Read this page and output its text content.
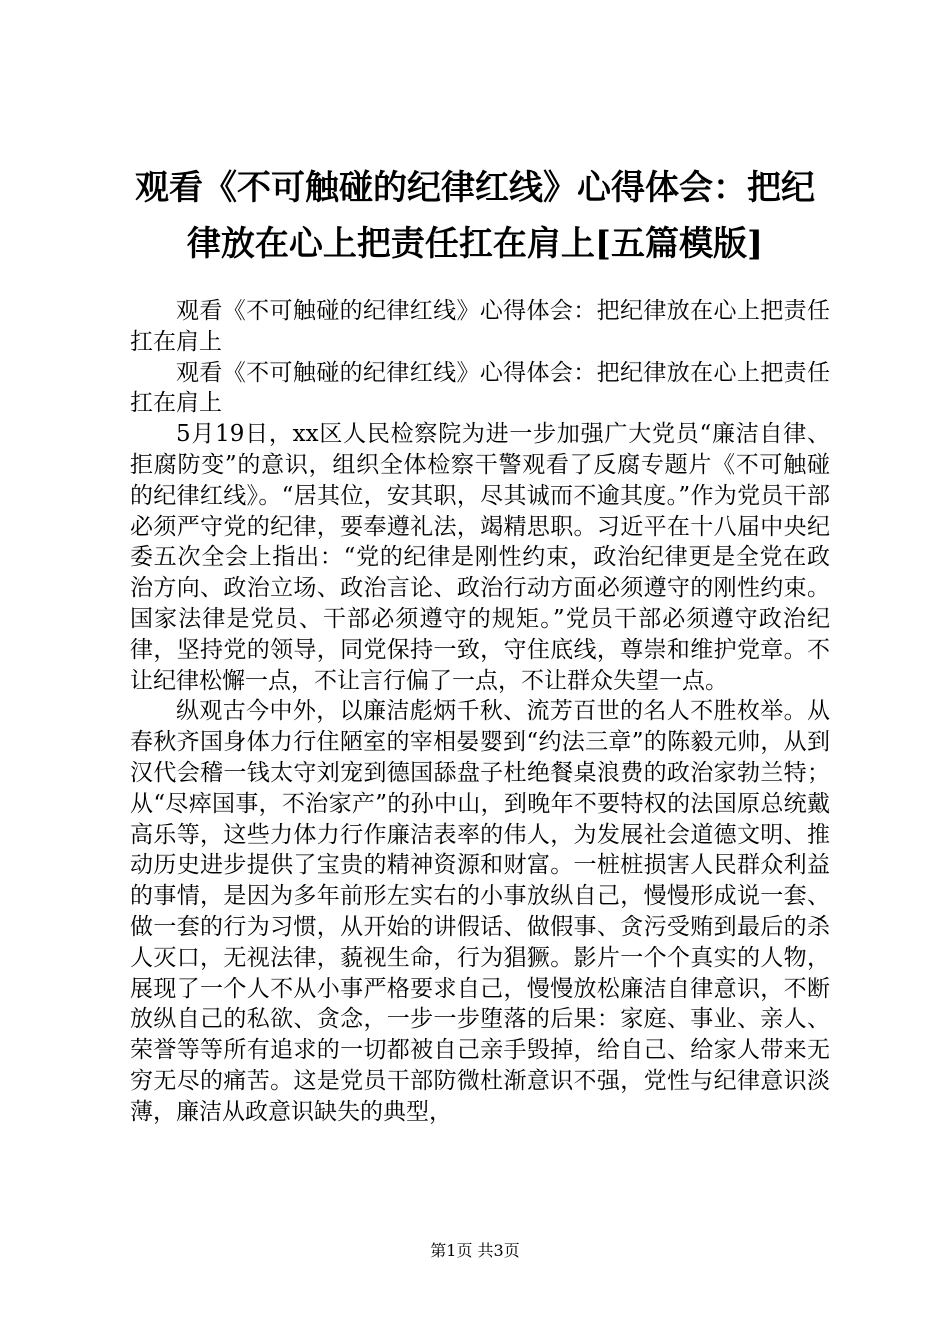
观看《不可触碰的纪律红线》心得体会：把纪
律放在心上把责任扛在肩上[五篇模版]

观看《不可触碰的纪律红线》心得体会：把纪律放在心上把责任扛在肩上

观看《不可触碰的纪律红线》心得体会：把纪律放在心上把责任扛在肩上

5月19日，xx区人民检察院为进一步加强广大党员“廉洁自律、拒腐防变”的意识，组织全体检察干警观看了反腐专题片《不可触碰的纪律红线》。“居其位，安其职，尽其诚而不逾其度。”作为党员干部必须严守党的纪律，要奉遵礼法，竭精思职。习近平在十八届中央纪委五次全会上指出：“党的纪律是刚性约束，政治纪律更是全党在政治方向、政治立场、政治言论、政治行动方面必须遵守的刚性约束。国家法律是党员、干部必须遵守的规矩。”党员干部必须遵守政治纪律，坚持党的领导，同党保持一致，守住底线，尊崇和维护党章。不让纪律松懈一点，不让言行偏了一点，不让群众失望一点。

纵观古今中外，以廉洁彪炳千秋、流芳百世的名人不胜枚举。从春秋齐国身体力行住陋室的宰相晏婴到“约法三章”的陈毅元帅，从到汉代会稽一钱太守刘宠到德国舔盘子杜绝餐桌浪费的政治家勃兰特；从“尽瘁国事，不治家产”的孙中山，到晚年不要特权的法国原总统戴高乐等，这些力体力行作廉洁表率的伟人，为发展社会道德文明、推动历史进步提供了宝贵的精神资源和财富。一桩桩损害人民群众利益的事情，是因为多年前形左实右的小事放纵自己，慢慢形成说一套、做一套的行为习惯，从开始的讲假话、做假事、贪污受贿到最后的杀人灭口，无视法律，藐视生命，行为猖獗。影片一个个真实的人物，展现了一个人不从小事严格要求自己，慢慢放松廉洁自律意识，不断放纵自己的私欲、贪念，一步一步堕落的后果：家庭、事业、亲人、荣誉等等所有追求的一切都被自己亲手毁掉，给自己、给家人带来无穷无尽的痛苦。这是党员干部防微杜渐意识不强，党性与纪律意识淡薄，廉洁从政意识缺失的典型，

第1页 共3页
